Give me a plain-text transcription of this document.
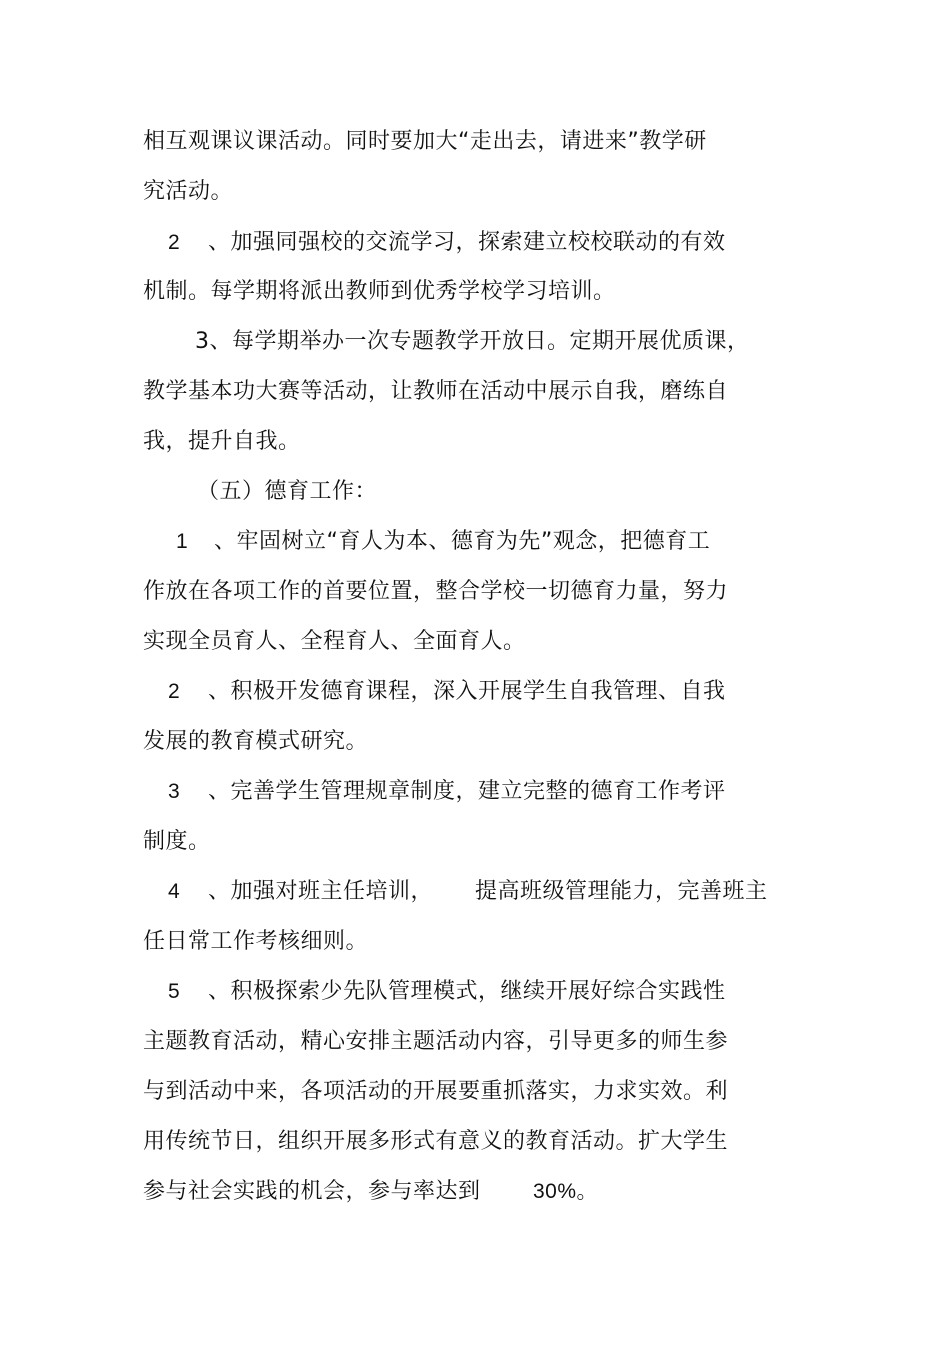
相互观课议课活动。同时要加大“走出去，请进来”教学研
究活动。
2 、加强同强校的交流学习，探索建立校校联动的有效
机制。每学期将派出教师到优秀学校学习培训。
3、每学期举办一次专题教学开放日。定期开展优质课，
教学基本功大赛等活动，让教师在活动中展示自我，磨练自
我，提升自我。
（五）德育工作：
1 、牢固树立“育人为本、德育为先”观念，把德育工
作放在各项工作的首要位置，整合学校一切德育力量，努力
实现全员育人、全程育人、全面育人。
2 、积极开发德育课程，深入开展学生自我管理、自我
发展的教育模式研究。
3 、完善学生管理规章制度，建立完整的德育工作考评
制度。
4 、加强对班主任培训， 提高班级管理能力，完善班主
任日常工作考核细则。
5 、积极探索少先队管理模式，继续开展好综合实践性
主题教育活动，精心安排主题活动内容，引导更多的师生参
与到活动中来，各项活动的开展要重抓落实，力求实效。利
用传统节日，组织开展多形式有意义的教育活动。扩大学生
参与社会实践的机会，参与率达到 30%。
